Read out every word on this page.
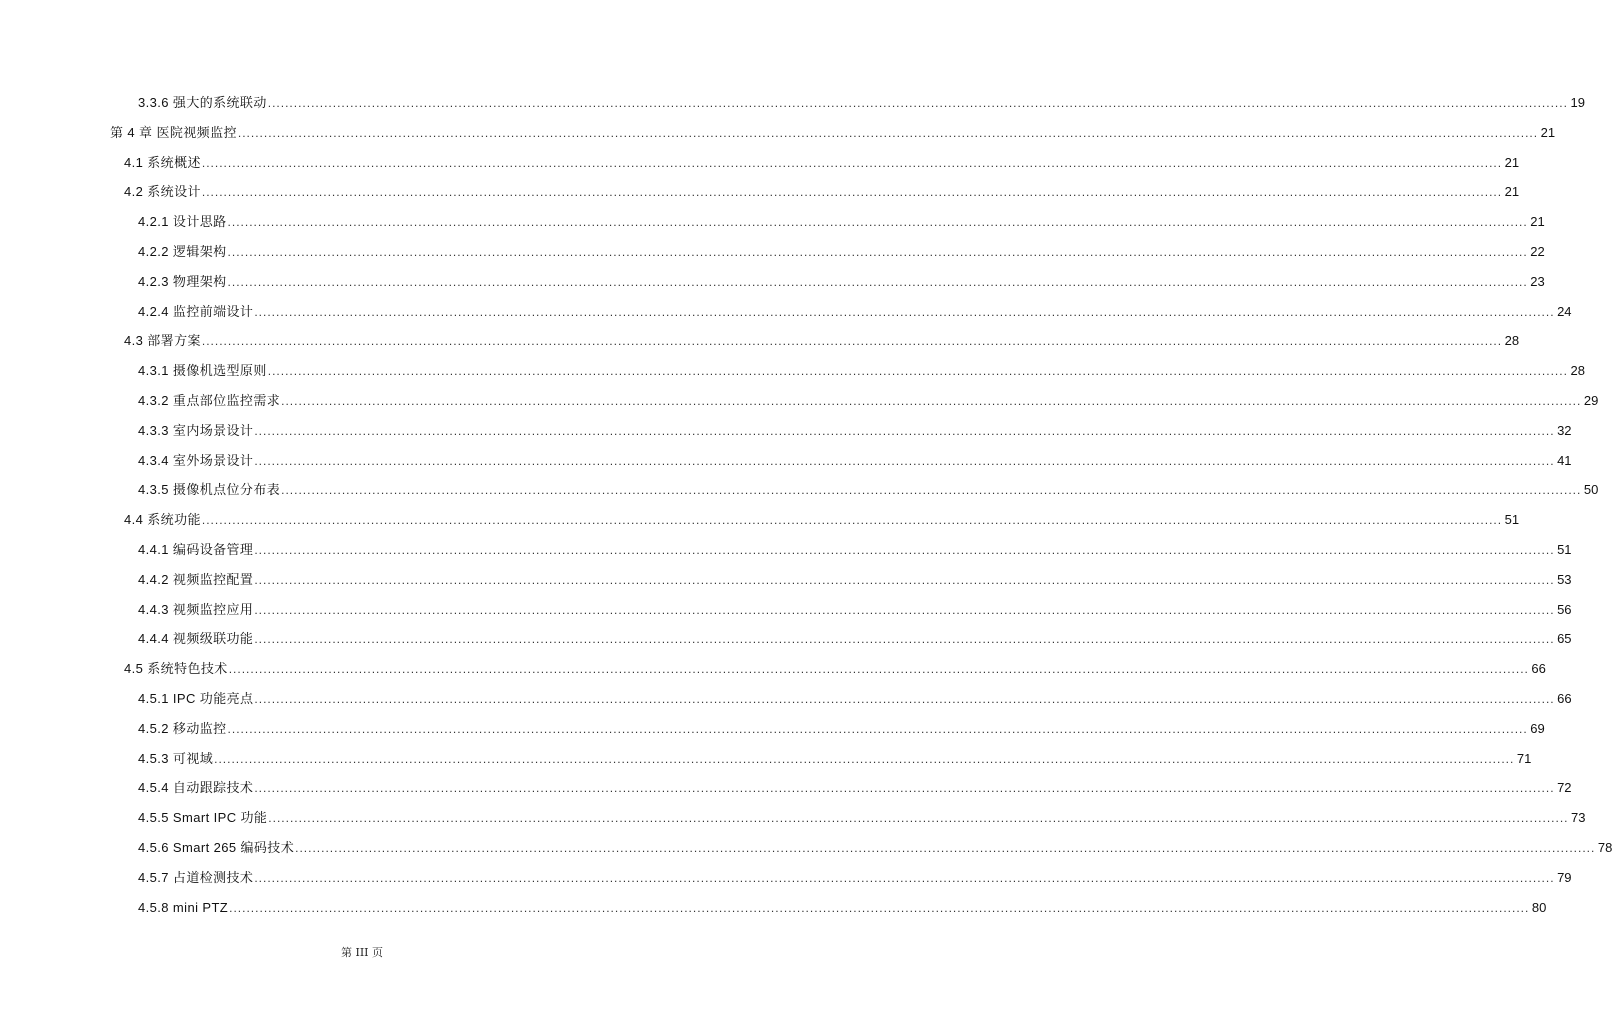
3.3.6 强大的系统联动 ............................................................................................................................................................................................................................................................................................................ 19
第 4 章 医院视频监控 ............................................................................................................................................................................................................................................................................................................ 21
4.1 系统概述 ............................................................................................................................................................................................................................................................................................................ 21
4.2 系统设计 ............................................................................................................................................................................................................................................................................................................ 21
4.2.1 设计思路 ............................................................................................................................................................................................................................................................................................................ 21
4.2.2 逻辑架构 ............................................................................................................................................................................................................................................................................................................ 22
4.2.3 物理架构 ............................................................................................................................................................................................................................................................................................................ 23
4.2.4 监控前端设计 ............................................................................................................................................................................................................................................................................................................ 24
4.3 部署方案 ............................................................................................................................................................................................................................................................................................................ 28
4.3.1 摄像机选型原则 ............................................................................................................................................................................................................................................................................................................ 28
4.3.2 重点部位监控需求 ............................................................................................................................................................................................................................................................................................................ 29
4.3.3 室内场景设计 ............................................................................................................................................................................................................................................................................................................ 32
4.3.4 室外场景设计 ............................................................................................................................................................................................................................................................................................................ 41
4.3.5 摄像机点位分布表 ............................................................................................................................................................................................................................................................................................................ 50
4.4 系统功能 ............................................................................................................................................................................................................................................................................................................ 51
4.4.1 编码设备管理 ............................................................................................................................................................................................................................................................................................................ 51
4.4.2 视频监控配置 ............................................................................................................................................................................................................................................................................................................ 53
4.4.3 视频监控应用 ............................................................................................................................................................................................................................................................................................................ 56
4.4.4 视频级联功能 ............................................................................................................................................................................................................................................................................................................ 65
4.5 系统特色技术 ............................................................................................................................................................................................................................................................................................................ 66
4.5.1 IPC 功能亮点 ............................................................................................................................................................................................................................................................................................................ 66
4.5.2 移动监控 ............................................................................................................................................................................................................................................................................................................ 69
4.5.3 可视域 ............................................................................................................................................................................................................................................................................................................ 71
4.5.4 自动跟踪技术 ............................................................................................................................................................................................................................................................................................................ 72
4.5.5 Smart IPC 功能 ............................................................................................................................................................................................................................................................................................................ 73
4.5.6 Smart 265 编码技术 ............................................................................................................................................................................................................................................................................................................ 78
4.5.7 占道检测技术 ............................................................................................................................................................................................................................................................................................................ 79
4.5.8 mini PTZ ............................................................................................................................................................................................................................................................................................................ 80
第 III 页
